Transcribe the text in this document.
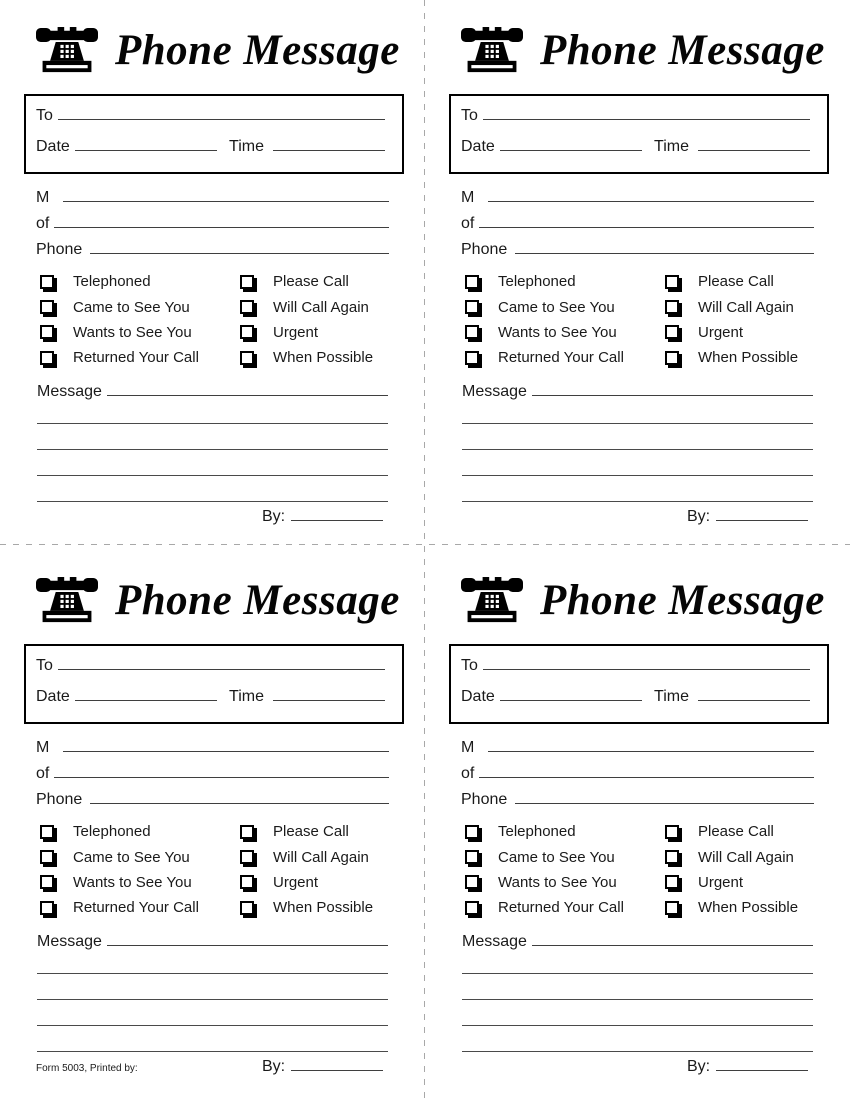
Phone Message
To
Date	Time
M
of
Phone
Telephoned	Please Call
Came to See You	Will Call Again
Wants to See You	Urgent
Returned Your Call	When Possible
Message
By:
Phone Message
To
Date	Time
M
of
Phone
Telephoned	Please Call
Came to See You	Will Call Again
Wants to See You	Urgent
Returned Your Call	When Possible
Message
By:
Phone Message
To
Date	Time
M
of
Phone
Telephoned	Please Call
Came to See You	Will Call Again
Wants to See You	Urgent
Returned Your Call	When Possible
Message
By:
Form 5003, Printed by:
Phone Message
To
Date	Time
M
of
Phone
Telephoned	Please Call
Came to See You	Will Call Again
Wants to See You	Urgent
Returned Your Call	When Possible
Message
By:
